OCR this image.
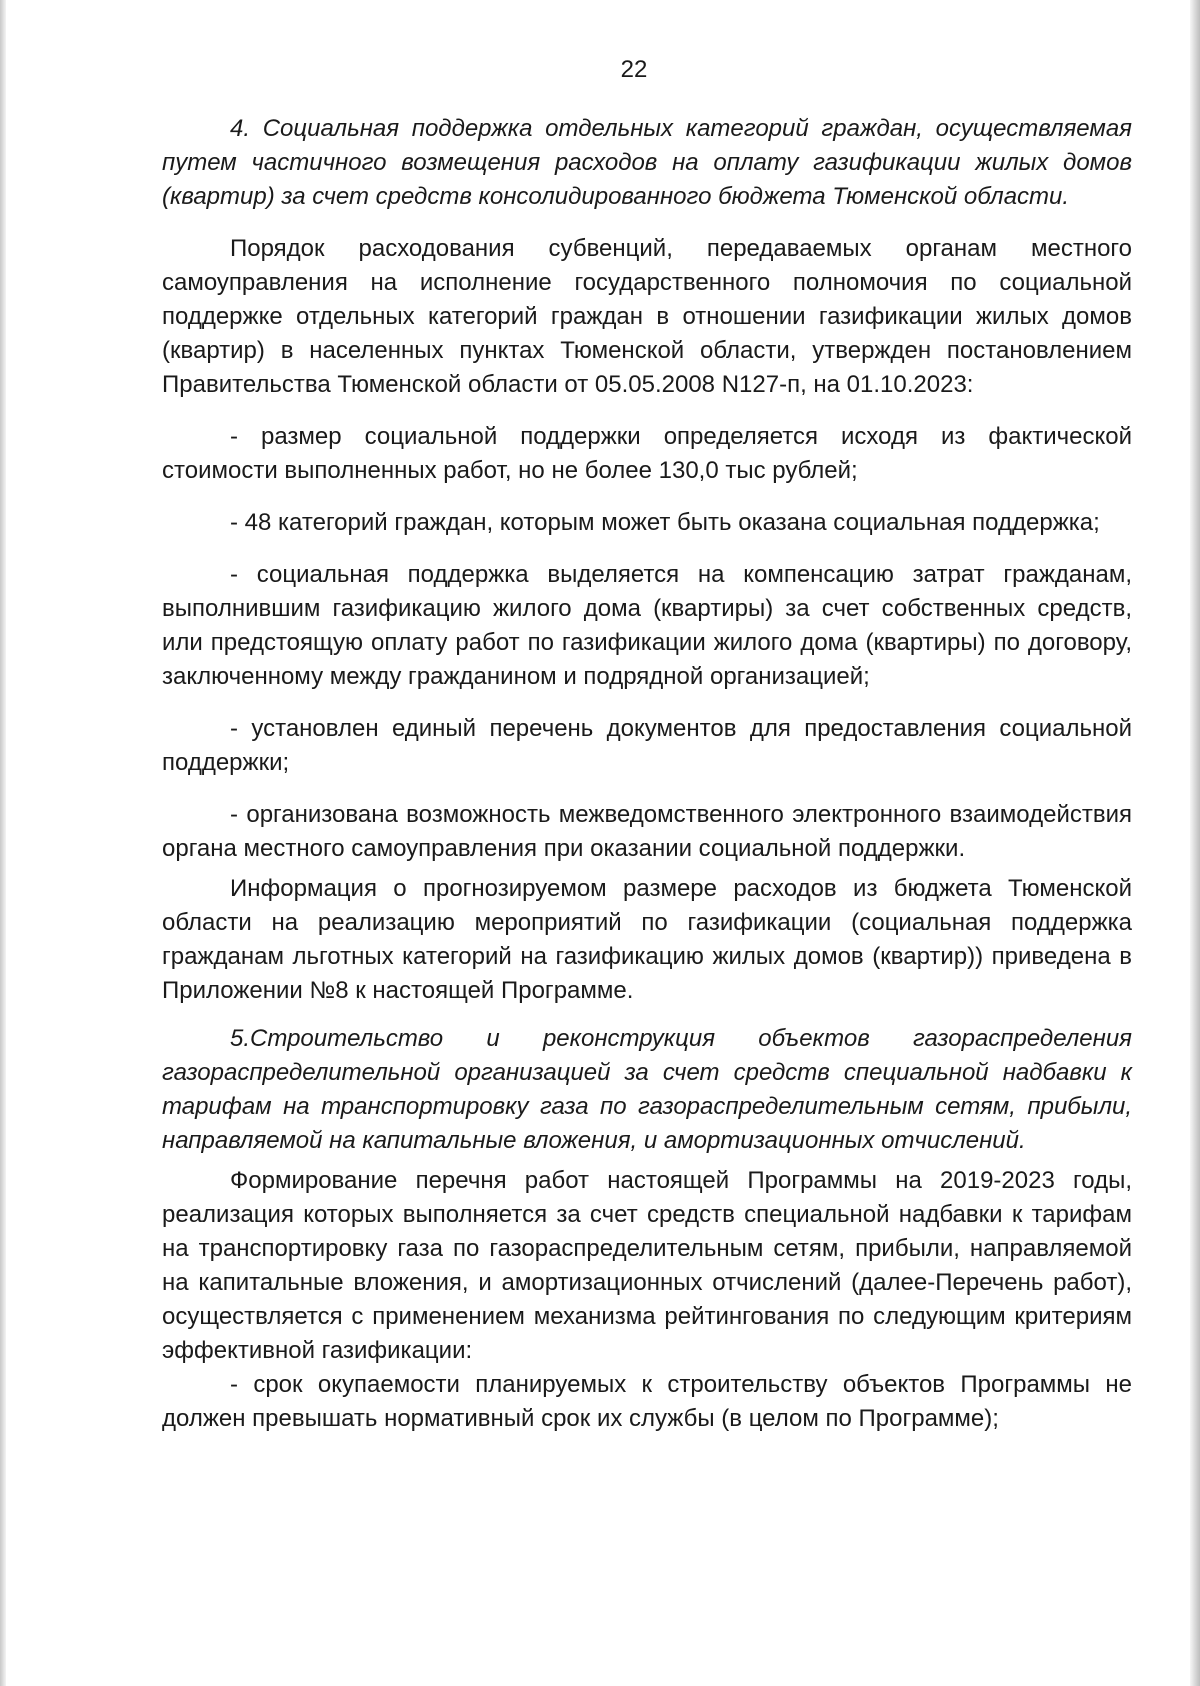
22

4. Социальная поддержка отдельных категорий граждан, осуществляемая путем частичного возмещения расходов на оплату газификации жилых домов (квартир) за счет средств консолидированного бюджета Тюменской области.

Порядок расходования субвенций, передаваемых органам местного самоуправления на исполнение государственного полномочия по социальной поддержке отдельных категорий граждан в отношении газификации жилых домов (квартир) в населенных пунктах Тюменской области, утвержден постановлением Правительства Тюменской области от 05.05.2008 N127-п, на 01.10.2023:

- размер социальной поддержки определяется исходя из фактической стоимости выполненных работ, но не более 130,0 тыс рублей;

- 48 категорий граждан, которым может быть оказана социальная поддержка;

- социальная поддержка выделяется на компенсацию затрат гражданам, выполнившим газификацию жилого дома (квартиры) за счет собственных средств, или предстоящую оплату работ по газификации жилого дома (квартиры) по договору, заключенному между гражданином и подрядной организацией;

- установлен единый перечень документов для предоставления социальной поддержки;

- организована возможность межведомственного электронного взаимодействия органа местного самоуправления при оказании социальной поддержки.

Информация о прогнозируемом размере расходов из бюджета Тюменской области на реализацию мероприятий по газификации (социальная поддержка гражданам льготных категорий на газификацию жилых домов (квартир)) приведена в Приложении №8 к настоящей Программе.

5.Строительство и реконструкция объектов газораспределения газораспределительной организацией за счет средств специальной надбавки к тарифам на транспортировку газа по газораспределительным сетям, прибыли, направляемой на капитальные вложения, и амортизационных отчислений.

Формирование перечня работ настоящей Программы на 2019-2023 годы, реализация которых выполняется за счет средств специальной надбавки к тарифам на транспортировку газа по газораспределительным сетям, прибыли, направляемой на капитальные вложения, и амортизационных отчислений (далее-Перечень работ), осуществляется с применением механизма рейтингования по следующим критериям эффективной газификации:

- срок окупаемости планируемых к строительству объектов Программы не должен превышать нормативный срок их службы (в целом по Программе);
